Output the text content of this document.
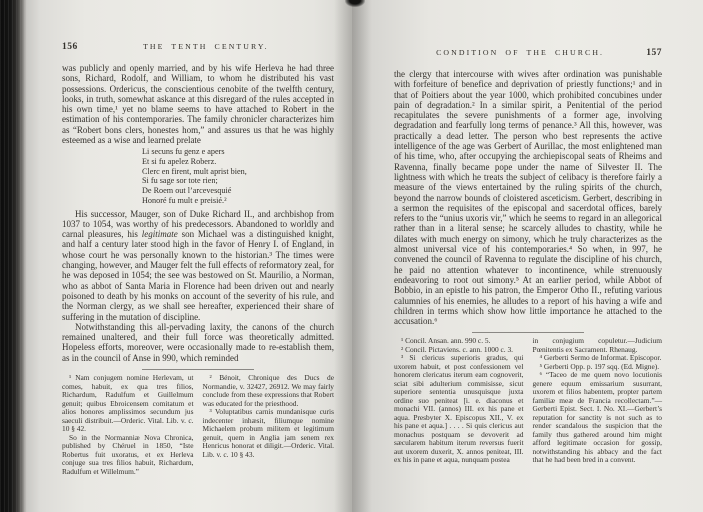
156	THE TENTH CENTURY.

was publicly and openly married, and by his wife Herleva he had three sons, Richard, Rodolf, and William, to whom he distributed his vast possessions. Ordericus, the conscientious cenobite of the twelfth century, looks, in truth, somewhat askance at this disregard of the rules accepted in his own time,¹ yet no blame seems to have attached to Robert in the estimation of his contemporaries. The family chronicler characterizes him as “Robert bons clers, honestes hom,” and assures us that he was highly esteemed as a wise and learned prelate

Li secuns fu genz e apers
Et si fu apelez Roberz.
Clerc en firent, mult aprist bien,
Si fu sage sor tote rien;
De Roem out l’arcevesquié
Honoré fu mult e preisié.²

His successor, Mauger, son of Duke Richard II., and archbishop from 1037 to 1054, was worthy of his predecessors. Abandoned to worldly and carnal pleasures, his legitimate son Michael was a distinguished knight, and half a century later stood high in the favor of Henry I. of England, in whose court he was personally known to the historian.³ The times were changing, however, and Mauger felt the full effects of reformatory zeal, for he was deposed in 1054; the see was bestowed on St. Maurilio, a Norman, who as abbot of Santa Maria in Florence had been driven out and nearly poisoned to death by his monks on account of the severity of his rule, and the Norman clergy, as we shall see hereafter, experienced their share of suffering in the mutation of discipline.

Notwithstanding this all-pervading laxity, the canons of the church remained unaltered, and their full force was theoretically admitted. Hopeless efforts, moreover, were occasionally made to re-establish them, as in the council of Anse in 990, which reminded

¹ Nam conjugem nomine Herlevam, ut comes, habuit, ex qua tres filios, Richardum, Radulfum et Guillelmum genuit; quibus Ebroicensem comitatum et alios honores amplissimos secundum jus saeculi distribuit.—Orderic. Vital. Lib. v. c. 10 § 42.

So in the Normanniæ Nova Chronica, published by Chéruel in 1850, “Iste Robertus fuit uxoratus, et ex Herleva conjuge sua tres filios habuit, Richardum, Radulfum et Willelmum.”

² Bénoit, Chronique des Ducs de Normandie, v. 32427, 26912. We may fairly conclude from these expressions that Robert was educated for the priesthood.

³ Voluptatibus carnis mundanisque curis indecenter inhæsit, filiumque nomine Michaelem probum militem et legitimum genuit, quem in Anglia jam senem rex Henricus honorat et diligit.—Orderic. Vital. Lib. v. c. 10 § 43.

CONDITION OF THE CHURCH.	157

the clergy that intercourse with wives after ordination was punishable with forfeiture of benefice and deprivation of priestly functions;¹ and in that of Poitiers about the year 1000, which prohibited concubines under pain of degradation.² In a similar spirit, a Penitential of the period recapitulates the severe punishments of a former age, involving degradation and fearfully long terms of penance.³ All this, however, was practically a dead letter. The person who best represents the active intelligence of the age was Gerbert of Aurillac, the most enlightened man of his time, who, after occupying the archiepiscopal seats of Rheims and Ravenna, finally became pope under the name of Silvester II. The lightness with which he treats the subject of celibacy is therefore fairly a measure of the views entertained by the ruling spirits of the church, beyond the narrow bounds of cloistered asceticism. Gerbert, describing in a sermon the requisites of the episcopal and sacerdotal offices, barely refers to the “unius uxoris vir,” which he seems to regard in an allegorical rather than in a literal sense; he scarcely alludes to chastity, while he dilates with much energy on simony, which he truly characterizes as the almost universal vice of his contemporaries.⁴ So when, in 997, he convened the council of Ravenna to regulate the discipline of his church, he paid no attention whatever to incontinence, while strenuously endeavoring to root out simony.⁵ At an earlier period, while Abbot of Bobbio, in an epistle to his patron, the Emperor Otho II., refuting various calumnies of his enemies, he alludes to a report of his having a wife and children in terms which show how little importance he attached to the accusation.⁶

¹ Concil. Ansan. ann. 990 c. 5.

² Concil. Pictaviens. c. ann. 1000 c. 3.

³ Si clericus superioris gradus, qui uxorem habuit, et post confessionem vel honorem clericatus iterum eam cognoverit, sciat sibi adulterium commisisse, sicut superiore sententia unusquisque juxta ordine suo peniteat [i. e. diaconus et monachi VII. (annos) III. ex his pane et aqua. Presbyter X. Episcopus XII., V. ex his pane et aqua.] . . . . Si quis clericus aut monachus postquam se devoverit ad sæcularem habitum iterum reversus fuerit aut uxorem duxerit, X. annos peniteat, III. ex his in pane et aqua, nunquam postea

in conjugium copuletur.—Judicium Pœnitentis ex Sacrament. Rhenaug.

⁴ Gerberti Sermo de Informat. Episcopor.

⁵ Gerberti Opp. p. 197 sqq. (Ed. Migne).

⁶ “Taceo de me quem novo locutionis genere equum emissarium susurrant, uxorem et filios habentem, propter partem familiæ meæ de Francia recollectam.”—Gerberti Epist. Sect. I. No. XI.—Gerbert’s reputation for sanctity is not such as to render scandalous the suspicion that the family thus gathered around him might afford legitimate occasion for gossip, notwithstanding his abbacy and the fact that he had been bred in a convent.
